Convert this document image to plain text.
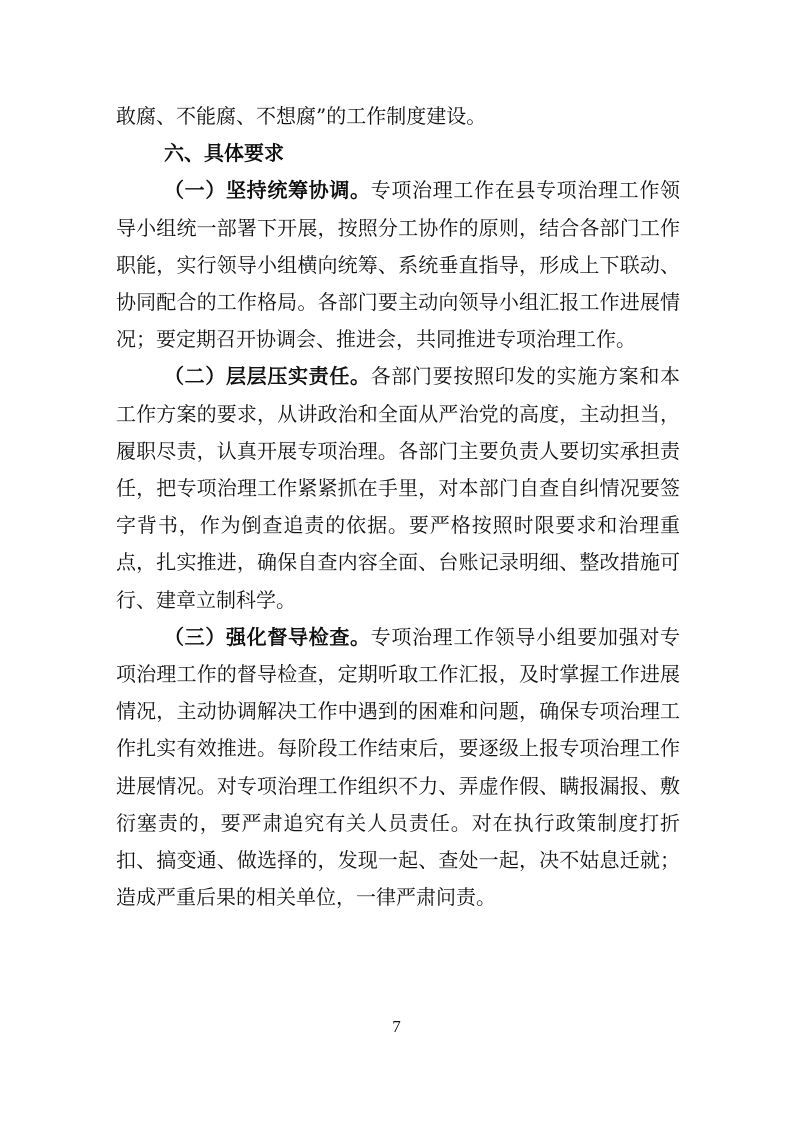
敢腐、不能腐、不想腐”的工作制度建设。

六、具体要求

（一）坚持统筹协调。专项治理工作在县专项治理工作领导小组统一部署下开展，按照分工协作的原则，结合各部门工作职能，实行领导小组横向统筹、系统垂直指导，形成上下联动、协同配合的工作格局。各部门要主动向领导小组汇报工作进展情况；要定期召开协调会、推进会，共同推进专项治理工作。

（二）层层压实责任。各部门要按照印发的实施方案和本工作方案的要求，从讲政治和全面从严治党的高度，主动担当，履职尽责，认真开展专项治理。各部门主要负责人要切实承担责任，把专项治理工作紧紧抓在手里，对本部门自查自纠情况要签字背书，作为倒查追责的依据。要严格按照时限要求和治理重点，扎实推进，确保自查内容全面、台账记录明细、整改措施可行、建章立制科学。

（三）强化督导检查。专项治理工作领导小组要加强对专项治理工作的督导检查，定期听取工作汇报，及时掌握工作进展情况，主动协调解决工作中遇到的困难和问题，确保专项治理工作扎实有效推进。每阶段工作结束后，要逐级上报专项治理工作进展情况。对专项治理工作组织不力、弄虚作假、瞒报漏报、敷衍塞责的，要严肃追究有关人员责任。对在执行政策制度打折扣、搞变通、做选择的，发现一起、查处一起，决不姑息迁就；造成严重后果的相关单位，一律严肃问责。

7
